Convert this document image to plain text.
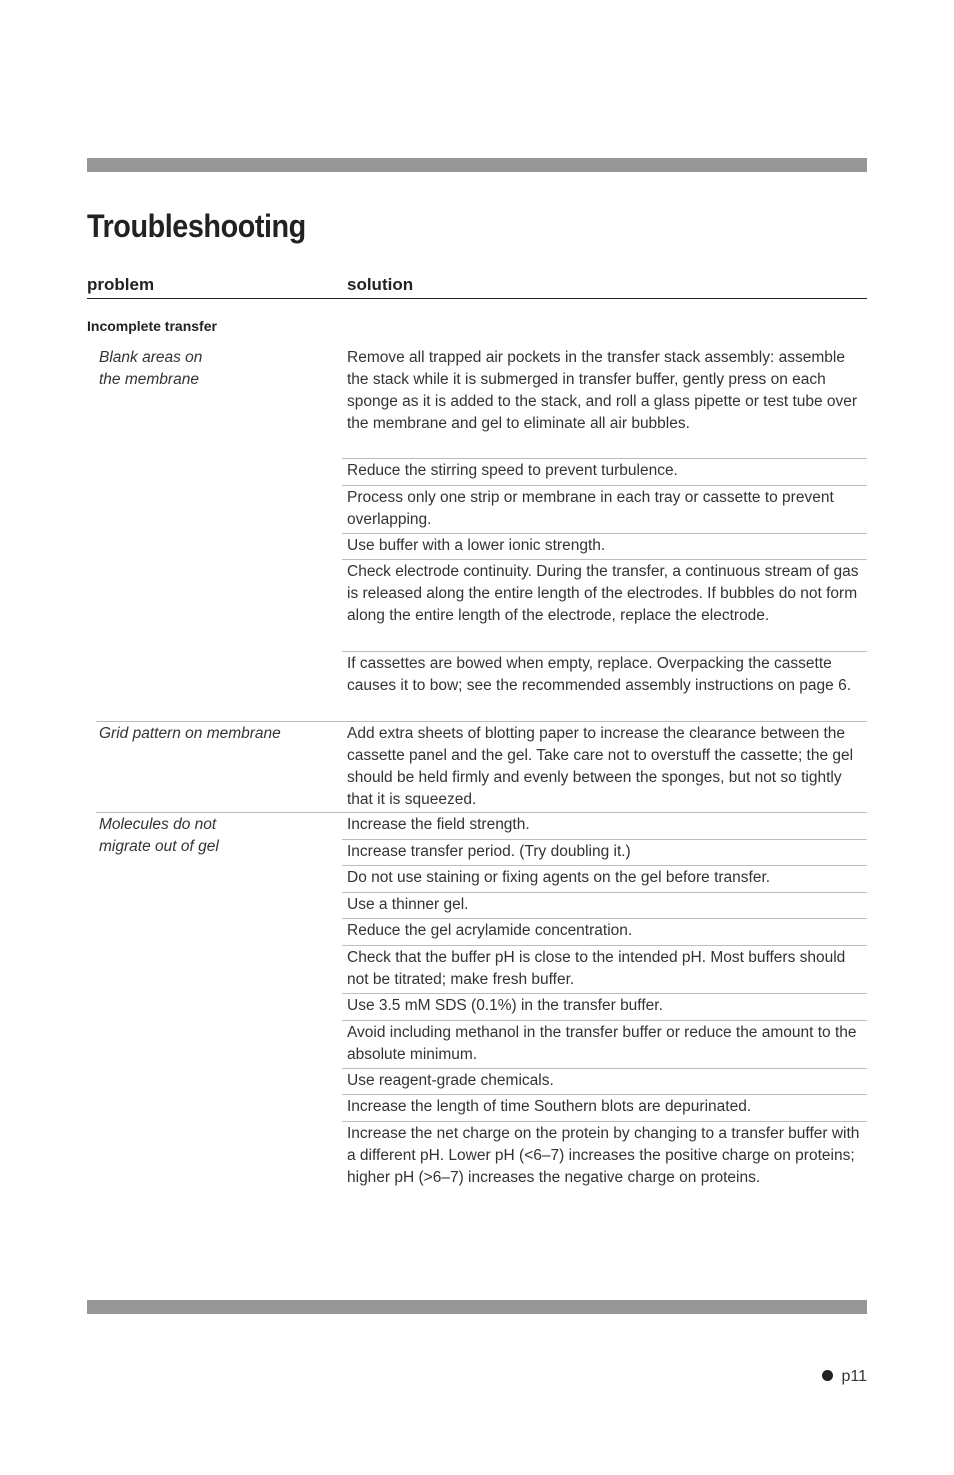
Troubleshooting
problem	solution
Incomplete transfer
Blank areas on
the membrane
Remove all trapped air pockets in the transfer stack assembly: assemble the stack while it is submerged in transfer buffer, gently press on each sponge as it is added to the stack, and roll a glass pipette or test tube over the membrane and gel to eliminate all air bubbles.
Reduce the stirring speed to prevent turbulence.
Process only one strip or membrane in each tray or cassette to prevent overlapping.
Use buffer with a lower ionic strength.
Check electrode continuity. During the transfer, a continuous stream of gas is released along the entire length of the electrodes. If bubbles do not form along the entire length of the electrode, replace the electrode.
If cassettes are bowed when empty, replace. Overpacking the cassette causes it to bow; see the recommended assembly instructions on page 6.
Grid pattern on membrane	Add extra sheets of blotting paper to increase the clearance between the cassette panel and the gel. Take care not to overstuff the cassette; the gel should be held firmly and evenly between the sponges, but not so tightly that it is squeezed.
Molecules do not
migrate out of gel
Increase the field strength.
Increase transfer period. (Try doubling it.)
Do not use staining or fixing agents on the gel before transfer.
Use a thinner gel.
Reduce the gel acrylamide concentration.
Check that the buffer pH is close to the intended pH. Most buffers should not be titrated; make fresh buffer.
Use 3.5 mM SDS (0.1%) in the transfer buffer.
Avoid including methanol in the transfer buffer or reduce the amount to the absolute minimum.
Use reagent-grade chemicals.
Increase the length of time Southern blots are depurinated.
Increase the net charge on the protein by changing to a transfer buffer with a different pH. Lower pH (<6–7) increases the positive charge on proteins; higher pH (>6–7) increases the negative charge on proteins.
p11
